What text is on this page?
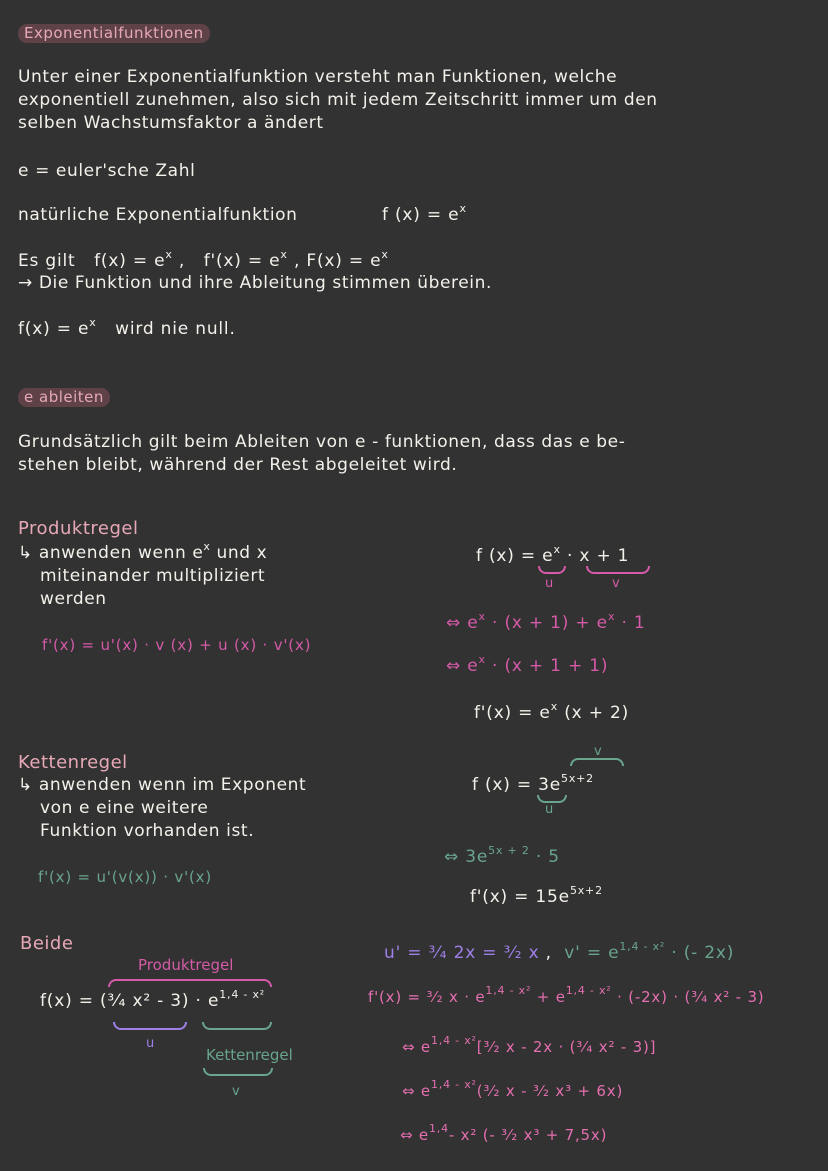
Exponentialfunktionen
Unter einer Exponentialfunktion versteht man Funktionen, welche
exponentiell zunehmen, also sich mit jedem Zeitschritt immer um den
selben Wachstumsfaktor a ändert
e = euler'sche Zahl
natürliche Exponentialfunktion	f $(x) = e^x$
Es gilt $f(x) = e^x$ ,   $f'(x) = e^x$ , $F(x) = e^x$
→ Die Funktion und ihre Ableitung stimmen überein.
$f(x) = e^x$ wird nie null.
e ableiten
Grundsätzlich gilt beim Ableiten von e - funktionen, dass das e be-
stehen bleibt, während der Rest abgeleitet wird.
Produktregel
↳ anwenden wenn $e^x$ und x
miteinander multipliziert
werden
f'(x) = u'(x) · v (x) + u (x) · v'(x)
f $(x) = e^x \cdot x + 1$
u	v
⇔ $e^x \cdot (x + 1) + e^x \cdot 1$
⇔ $e^x \cdot (x + 1 + 1)$
$f'(x) = e^x$ (x + 2)
Kettenregel
↳ anwenden wenn im Exponent
von e eine weitere
Funktion vorhanden ist.
f'(x) = u'(v(x)) · v'(x)
v
f $(x) = 3e^{5x+2}$
u
⇔ $3e^{5x + 2} \cdot 5$
$f'(x) = 15e^{5x+2}$
Beide
Produktregel
f(x) = (³⁄₄ $x^2 - 3) \cdot e^{1,4 - x^2}$
u
Kettenregel
v
u' = ³⁄₄ 2x = ³⁄₂ x , $v' = e^{1,4 - x^2}$ · (- 2x)
f'(x) = ³⁄₂ $x \cdot e^{1,4 - x^2} + e^{1,4 - x^2} \cdot (-2x)$ · (³⁄₄ x² - 3)
⇔ $e^{1,4 - x^2}[^3⁄_2$ x - 2x · (³⁄₄ x² - 3)]
⇔ $e^{1,4 - x^2}(^3⁄_2$ x - ³⁄₂ x³ + 6x)
⇔ $e^{1,4}-$ x² (- ³⁄₂ x³ + 7,5x)
